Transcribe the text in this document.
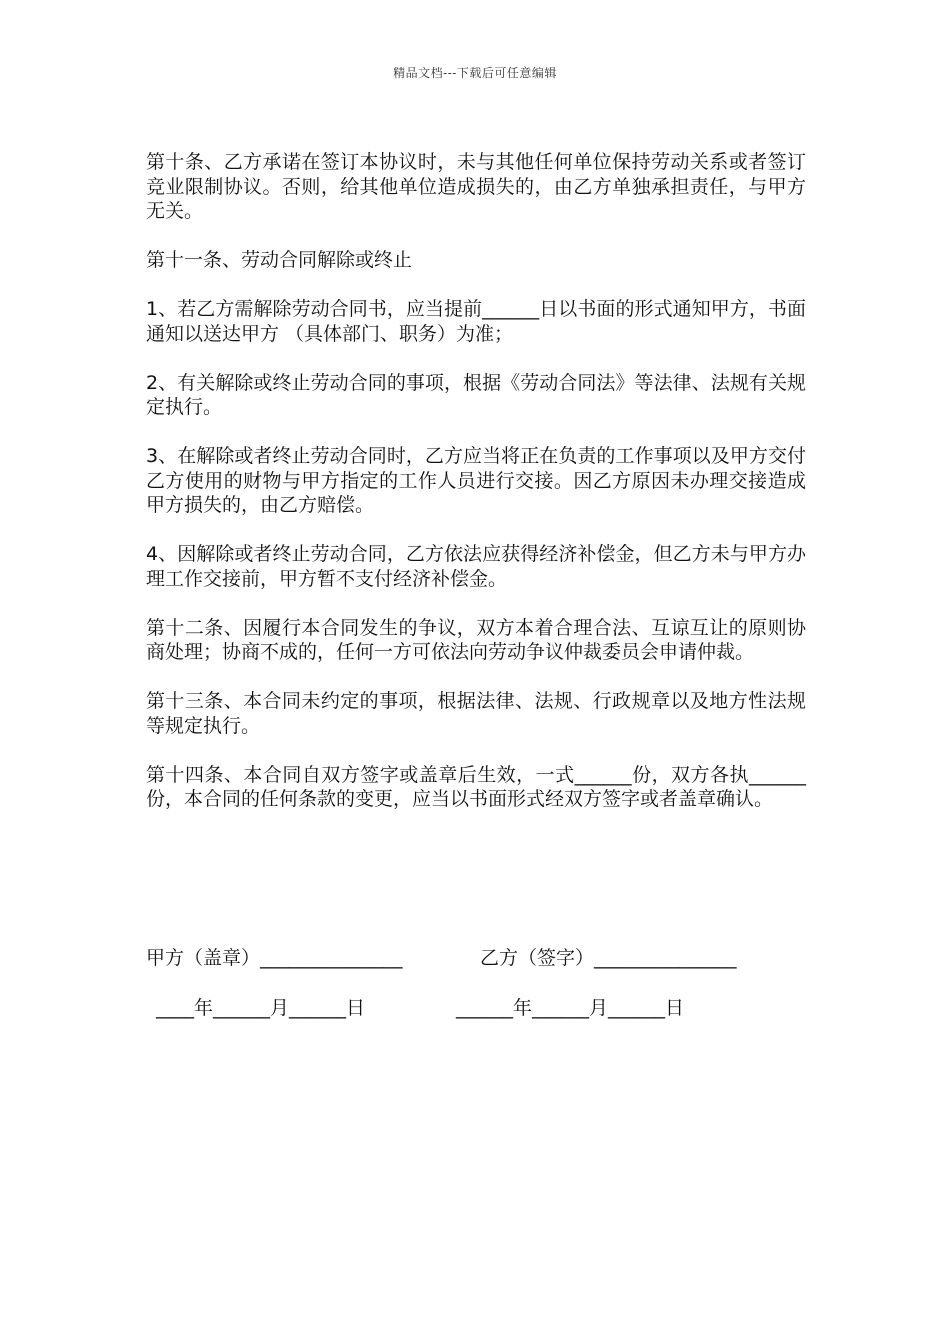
精品文档---下载后可任意编辑

第十条、乙方承诺在签订本协议时，未与其他任何单位保持劳动关系或者签订竞业限制协议。否则，给其他单位造成损失的，由乙方单独承担责任，与甲方无关。

第十一条、劳动合同解除或终止

1、若乙方需解除劳动合同书，应当提前______日以书面的形式通知甲方，书面通知以送达甲方 （具体部门、职务）为准；

2、有关解除或终止劳动合同的事项，根据《劳动合同法》等法律、法规有关规定执行。

3、在解除或者终止劳动合同时，乙方应当将正在负责的工作事项以及甲方交付乙方使用的财物与甲方指定的工作人员进行交接。因乙方原因未办理交接造成甲方损失的，由乙方赔偿。

4、因解除或者终止劳动合同，乙方依法应获得经济补偿金，但乙方未与甲方办理工作交接前，甲方暂不支付经济补偿金。

第十二条、因履行本合同发生的争议，双方本着合理合法、互谅互让的原则协商处理；协商不成的，任何一方可依法向劳动争议仲裁委员会申请仲裁。

第十三条、本合同未约定的事项，根据法律、法规、行政规章以及地方性法规等规定执行。

第十四条、本合同自双方签字或盖章后生效，一式______份，双方各执______份，本合同的任何条款的变更，应当以书面形式经双方签字或者盖章确认。

甲方（盖章）_______________

	乙方（签字）_______________

____年______月______日

	______年______月______日
